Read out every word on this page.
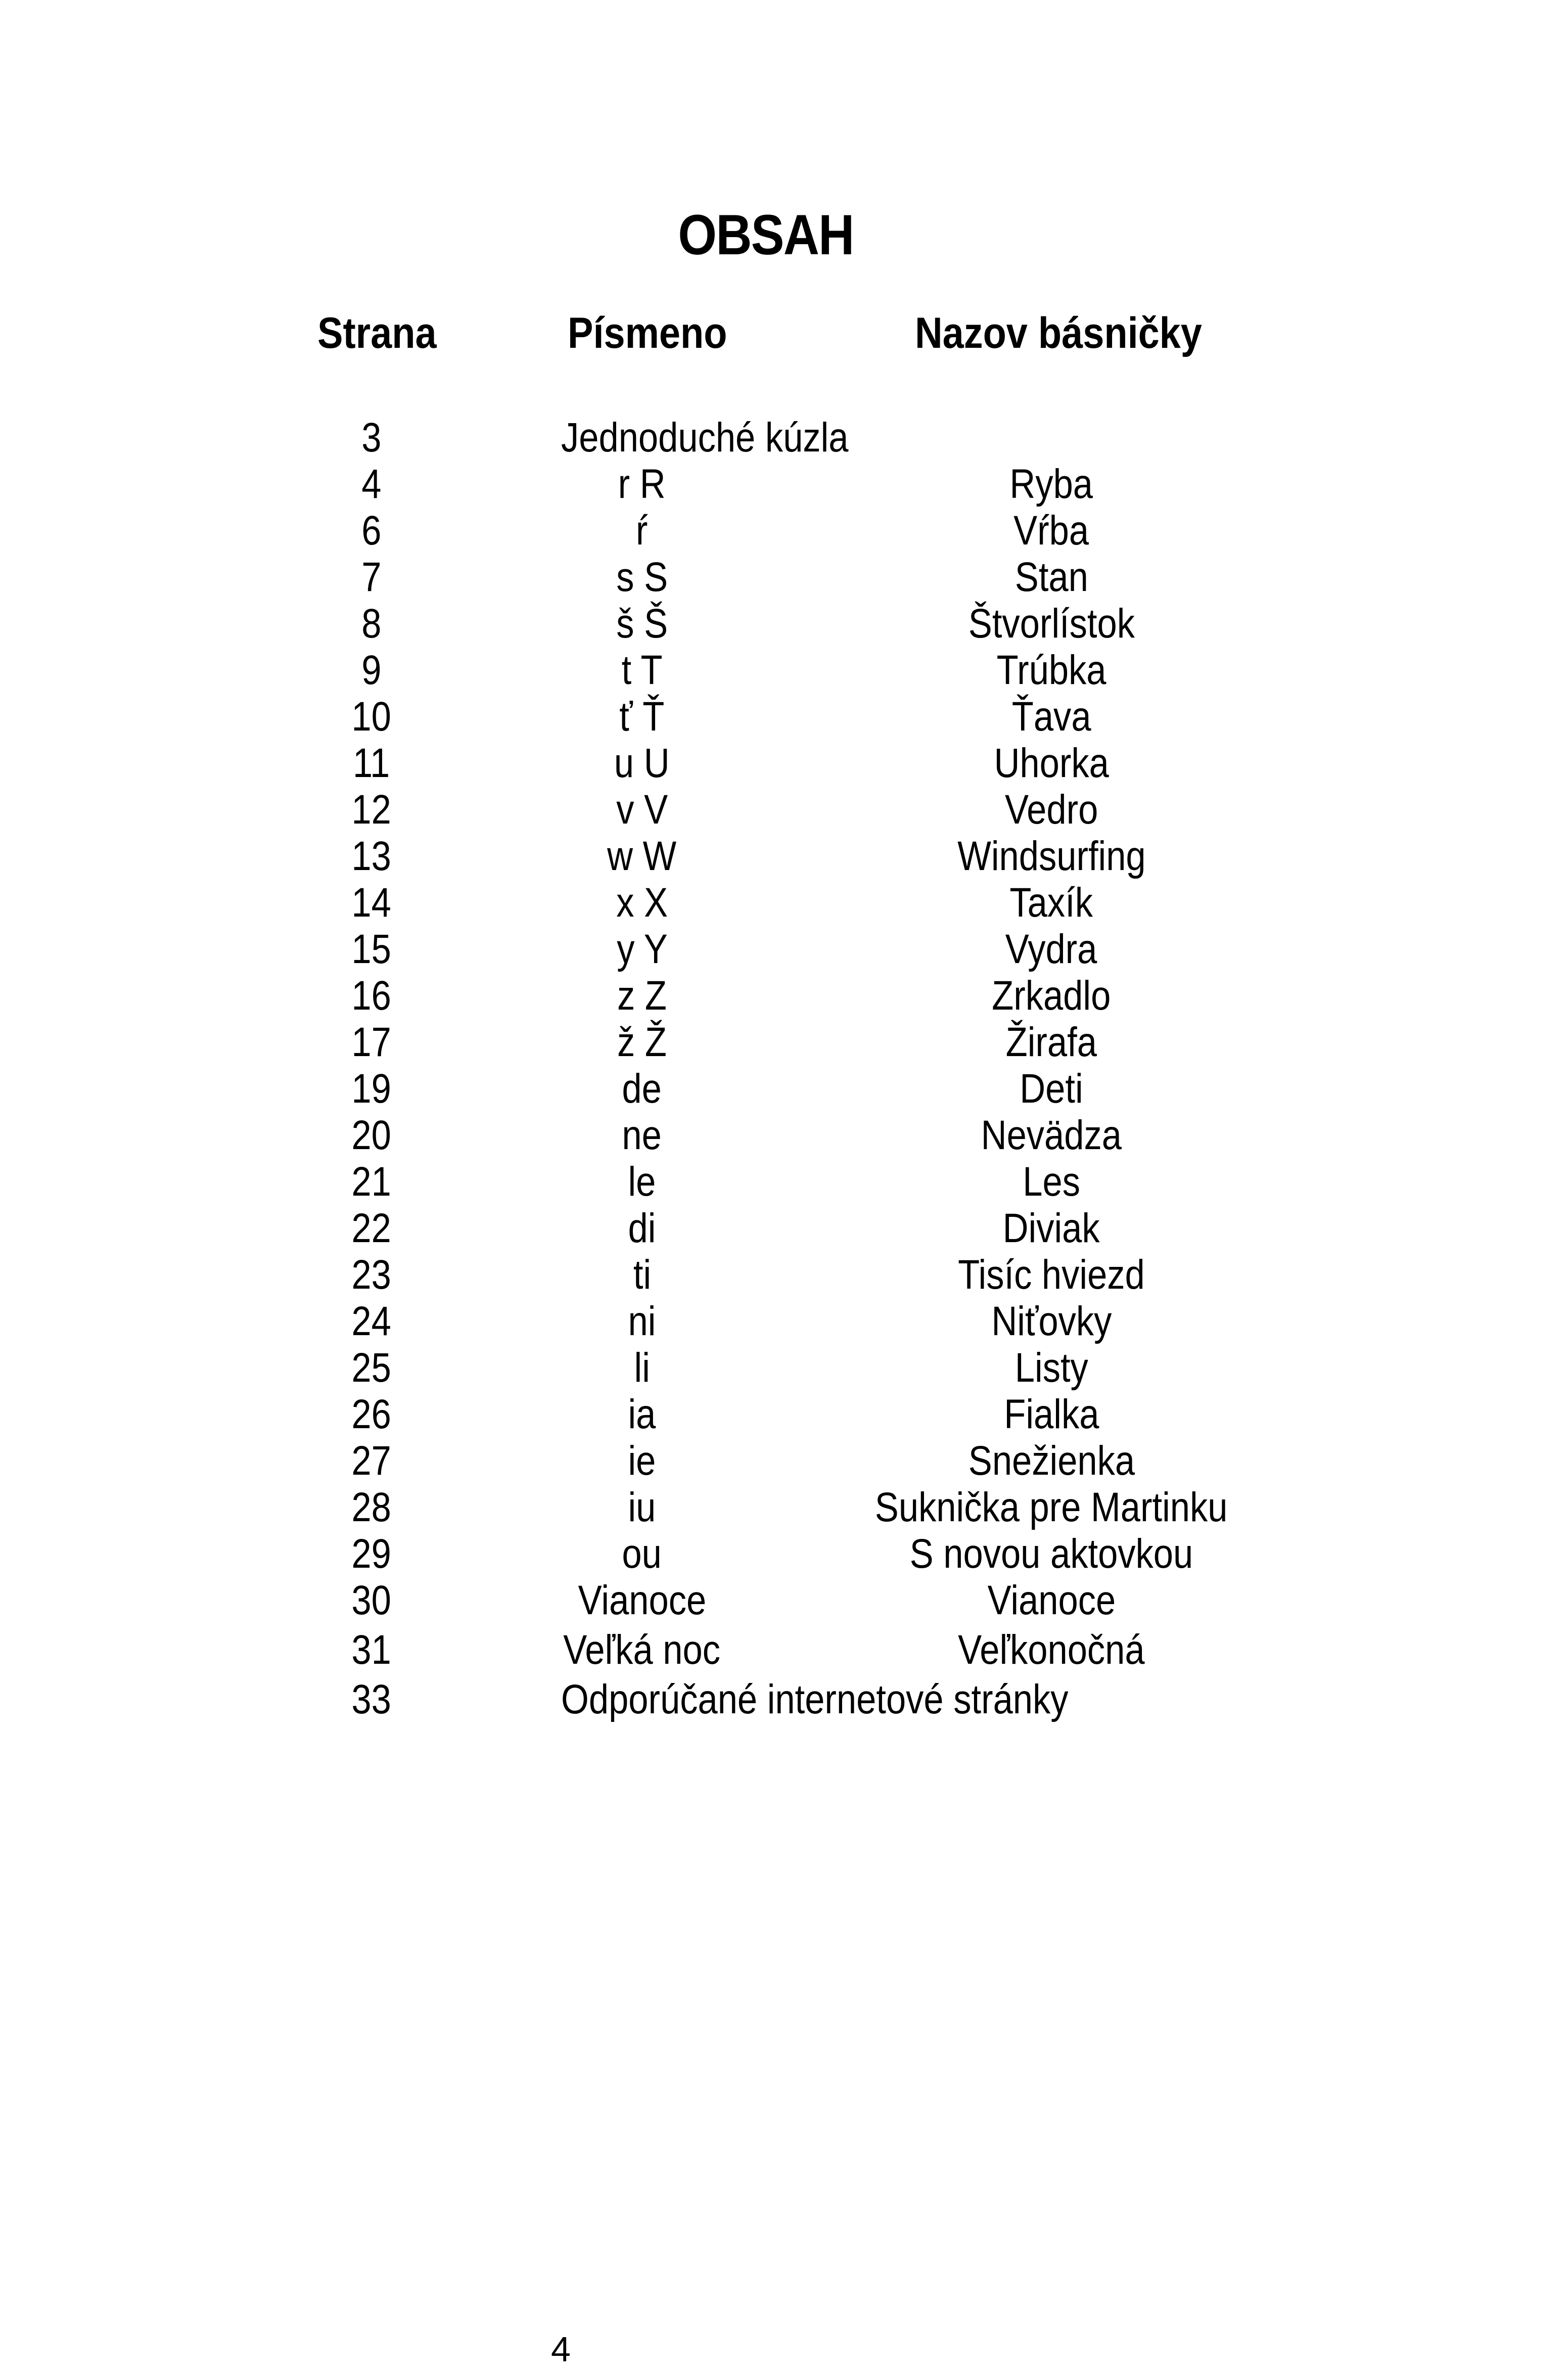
OBSAH
Strana	Písmeno	Nazov básničky
3	Jednoduché kúzla
4	r R	Ryba
6	ŕ	Vŕba
7	s S	Stan
8	š Š	Štvorlístok
9	t T	Trúbka
10	ť Ť	Ťava
11	u U	Uhorka
12	v V	Vedro
13	w W	Windsurfing
14	x X	Taxík
15	y Y	Vydra
16	z Z	Zrkadlo
17	ž Ž	Žirafa
19	de	Deti
20	ne	Nevädza
21	le	Les
22	di	Diviak
23	ti	Tisíc hviezd
24	ni	Niťovky
25	li	Listy
26	ia	Fialka
27	ie	Snežienka
28	iu	Suknička pre Martinku
29	ou	S novou aktovkou
30	Vianoce	Vianoce
31	Veľká noc	Veľkonočná
33	Odporúčané internetové stránky
4
